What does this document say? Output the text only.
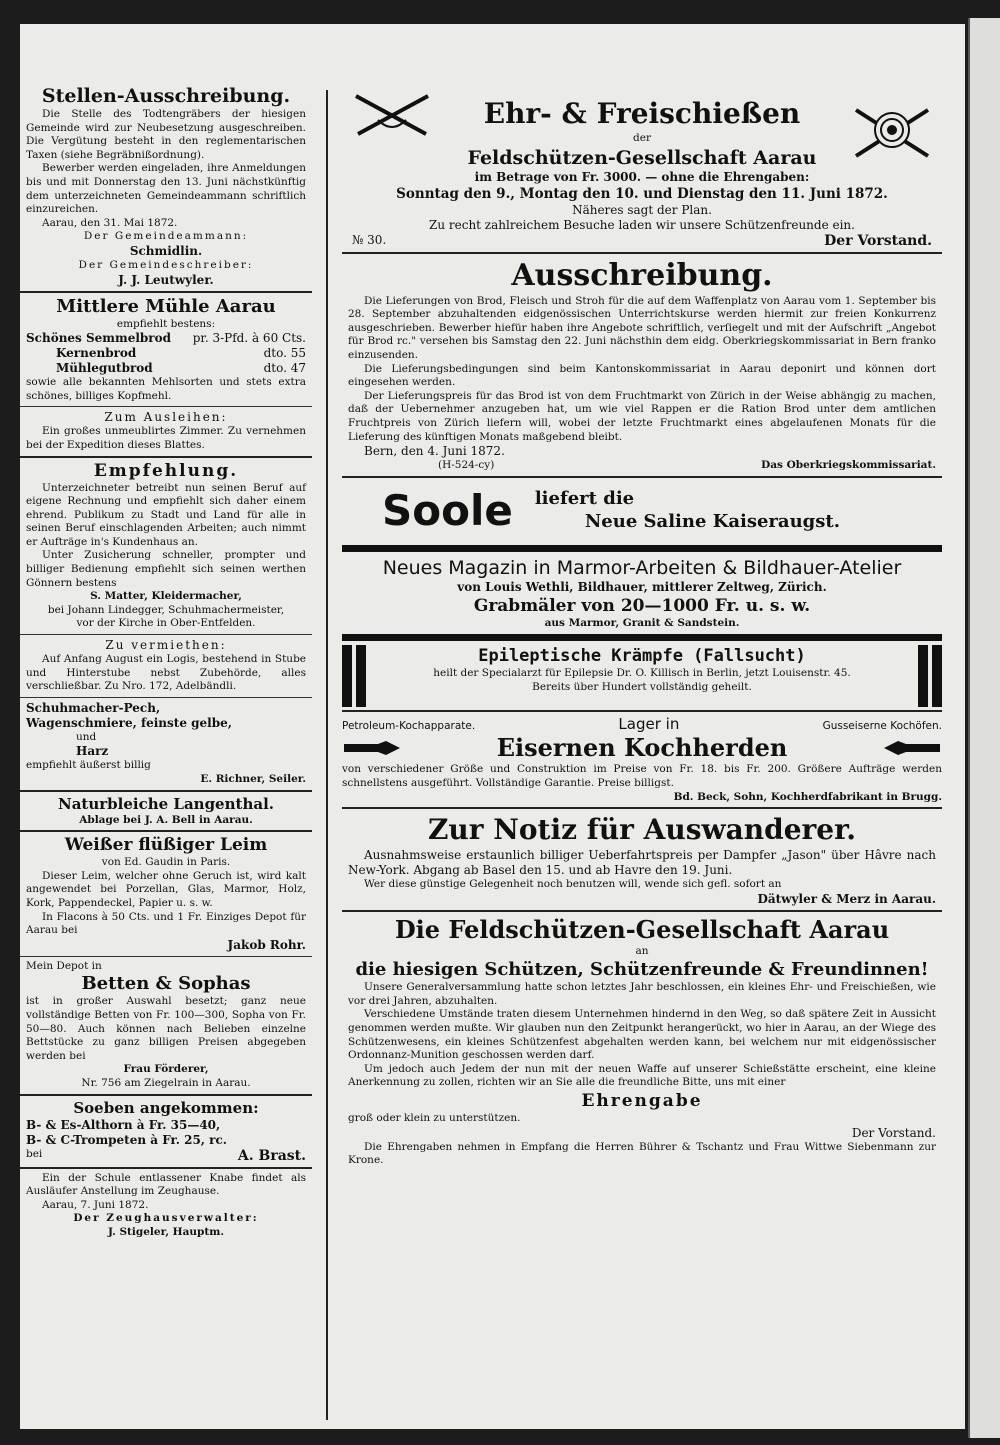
Stellen-Ausschreibung.

Die Stelle des Todtengräbers der hiesigen Gemeinde wird zur Neubesetzung ausgeschreiben. Die Vergütung besteht in den reglementarischen Taxen (siehe Begräbnißordnung).

Bewerber werden eingeladen, ihre Anmeldungen bis und mit Donnerstag den 13. Juni nächstkünftig dem unterzeichneten Gemeindeammann schriftlich einzureichen.

Aarau, den 31. Mai 1872.

Der Gemeindeammann:

Schmidlin.

Der Gemeindeschreiber:

J. J. Leutwyler.

Mittlere Mühle Aarau

empfiehlt bestens:

Schönes Semmelbrod pr. 3-Pfd. à 60 Cts.
Kernenbrod	dto. 55
Mühlegutbrod	dto. 47

sowie alle bekannten Mehlsorten und stets extra schönes, billiges Kopfmehl.

Zum Ausleihen:

Ein großes unmeublirtes Zimmer. Zu vernehmen bei der Expedition dieses Blattes.

Empfehlung.

Unterzeichneter betreibt nun seinen Beruf auf eigene Rechnung und empfiehlt sich daher einem ehrend. Publikum zu Stadt und Land für alle in seinen Beruf einschlagenden Arbeiten; auch nimmt er Aufträge in's Kundenhaus an.

Unter Zusicherung schneller, prompter und billiger Bedienung empfiehlt sich seinen werthen Gönnern bestens

S. Matter, Kleidermacher,

bei Johann Lindegger, Schuhmachermeister,

vor der Kirche in Ober-Entfelden.

Zu vermiethen:

Auf Anfang August ein Logis, bestehend in Stube und Hinterstube nebst Zubehörde, alles verschließbar. Zu Nro. 172, Adelbändli.

Schuhmacher-Pech,

Wagenschmiere, feinste gelbe,

und

Harz

empfiehlt äußerst billig

E. Richner, Seiler.

Naturbleiche Langenthal.

Ablage bei J. A. Bell in Aarau.

Weißer flüßiger Leim

von Ed. Gaudin in Paris.

Dieser Leim, welcher ohne Geruch ist, wird kalt angewendet bei Porzellan, Glas, Marmor, Holz, Kork, Pappendeckel, Papier u. s. w.

In Flacons à 50 Cts. und 1 Fr. Einziges Depot für Aarau bei

Jakob Rohr.

Mein Depot in

Betten & Sophas

ist in großer Auswahl besetzt; ganz neue vollständige Betten von Fr. 100—300, Sopha von Fr. 50—80. Auch können nach Belieben einzelne Bettstücke zu ganz billigen Preisen abgegeben werden bei

Frau Förderer,

Nr. 756 am Ziegelrain in Aarau.

Soeben angekommen:

B- & Es-Althorn à Fr. 35—40,

B- & C-Trompeten à Fr. 25, rc.

bei	A. Brast.

Ein der Schule entlassener Knabe findet als Ausläufer Anstellung im Zeughause.

Aarau, 7. Juni 1872.

Der Zeughausverwalter:

J. Stigeler, Hauptm.

Ehr- & Freischießen

der

Feldschützen-Gesellschaft Aarau

im Betrage von Fr. 3000. — ohne die Ehrengaben:

Sonntag den 9., Montag den 10. und Dienstag den 11. Juni 1872.

Näheres sagt der Plan.

Zu recht zahlreichem Besuche laden wir unsere Schützenfreunde ein.

№ 30.	Der Vorstand.
Ausschreibung.

Die Lieferungen von Brod, Fleisch und Stroh für die auf dem Waffenplatz von Aarau vom 1. September bis 28. September abzuhaltenden eidgenössischen Unterrichtskurse werden hiermit zur freien Konkurrenz ausgeschrieben. Bewerber hiefür haben ihre Angebote schriftlich, verſiegelt und mit der Aufschrift „Angebot für Brod rc." versehen bis Samstag den 22. Juni nächsthin dem eidg. Oberkriegskommissariat in Bern franko einzusenden.

Die Lieferungsbedingungen sind beim Kantonskommissariat in Aarau deponirt und können dort eingesehen werden.

Der Lieferungspreis für das Brod ist von dem Fruchtmarkt von Zürich in der Weise abhängig zu machen, daß der Uebernehmer anzugeben hat, um wie viel Rappen er die Ration Brod unter dem amtlichen Fruchtpreis von Zürich liefern will, wobei der letzte Fruchtmarkt eines abgelaufenen Monats für die Lieferung des künftigen Monats maßgebend bleibt.

Bern, den 4. Juni 1872.

(H-524-cy)	Das Oberkriegskommissariat.
Soole liefert die
Neue Saline Kaiseraugst.
Neues Magazin in Marmor-Arbeiten & Bildhauer-Atelier

von Louis Wethli, Bildhauer, mittlerer Zeltweg, Zürich.

Grabmäler von 20—1000 Fr. u. s. w.

aus Marmor, Granit & Sandstein.

Epileptische Krämpfe (Fallsucht)

heilt der Specialarzt für Epilepsie Dr. O. Killisch in Berlin, jetzt Louisenstr. 45.

Bereits über Hundert vollständig geheilt.

Petroleum-Kochapparate.	Lager in	Gusseiserne Kochöfen.
Eisernen Kochherden

von verschiedener Größe und Construktion im Preise von Fr. 18. bis Fr. 200. Größere Aufträge werden schnellstens ausgeführt. Vollständige Garantie. Preise billigst.

Bd. Beck, Sohn, Kochherdfabrikant in Brugg.

Zur Notiz für Auswanderer.

Ausnahmsweise erstaunlich billiger Ueberfahrtspreis per Dampfer „Jason" über Hâvre nach New-York. Abgang ab Basel den 15. und ab Havre den 19. Juni.

Wer diese günstige Gelegenheit noch benutzen will, wende sich gefl. sofort an

Dätwyler & Merz in Aarau.

Die Feldschützen-Gesellschaft Aarau

an

die hiesigen Schützen, Schützenfreunde & Freundinnen!

Unsere Generalversammlung hatte schon letztes Jahr beschlossen, ein kleines Ehr- und Freischießen, wie vor drei Jahren, abzuhalten.

Verschiedene Umstände traten diesem Unternehmen hindernd in den Weg, so daß spätere Zeit in Aussicht genommen werden mußte. Wir glauben nun den Zeitpunkt herangerückt, wo hier in Aarau, an der Wiege des Schützenwesens, ein kleines Schützenfest abgehalten werden kann, bei welchem nur mit eidgenössischer Ordonnanz-Munition geschossen werden darf.

Um jedoch auch Jedem der nun mit der neuen Waffe auf unserer Schießstätte erscheint, eine kleine Anerkennung zu zollen, richten wir an Sie alle die freundliche Bitte, uns mit einer

Ehrengabe

groß oder klein zu unterstützen.

Der Vorstand.

Die Ehrengaben nehmen in Empfang die Herren Bührer & Tschantz und Frau Wittwe Siebenmann zur Krone.
